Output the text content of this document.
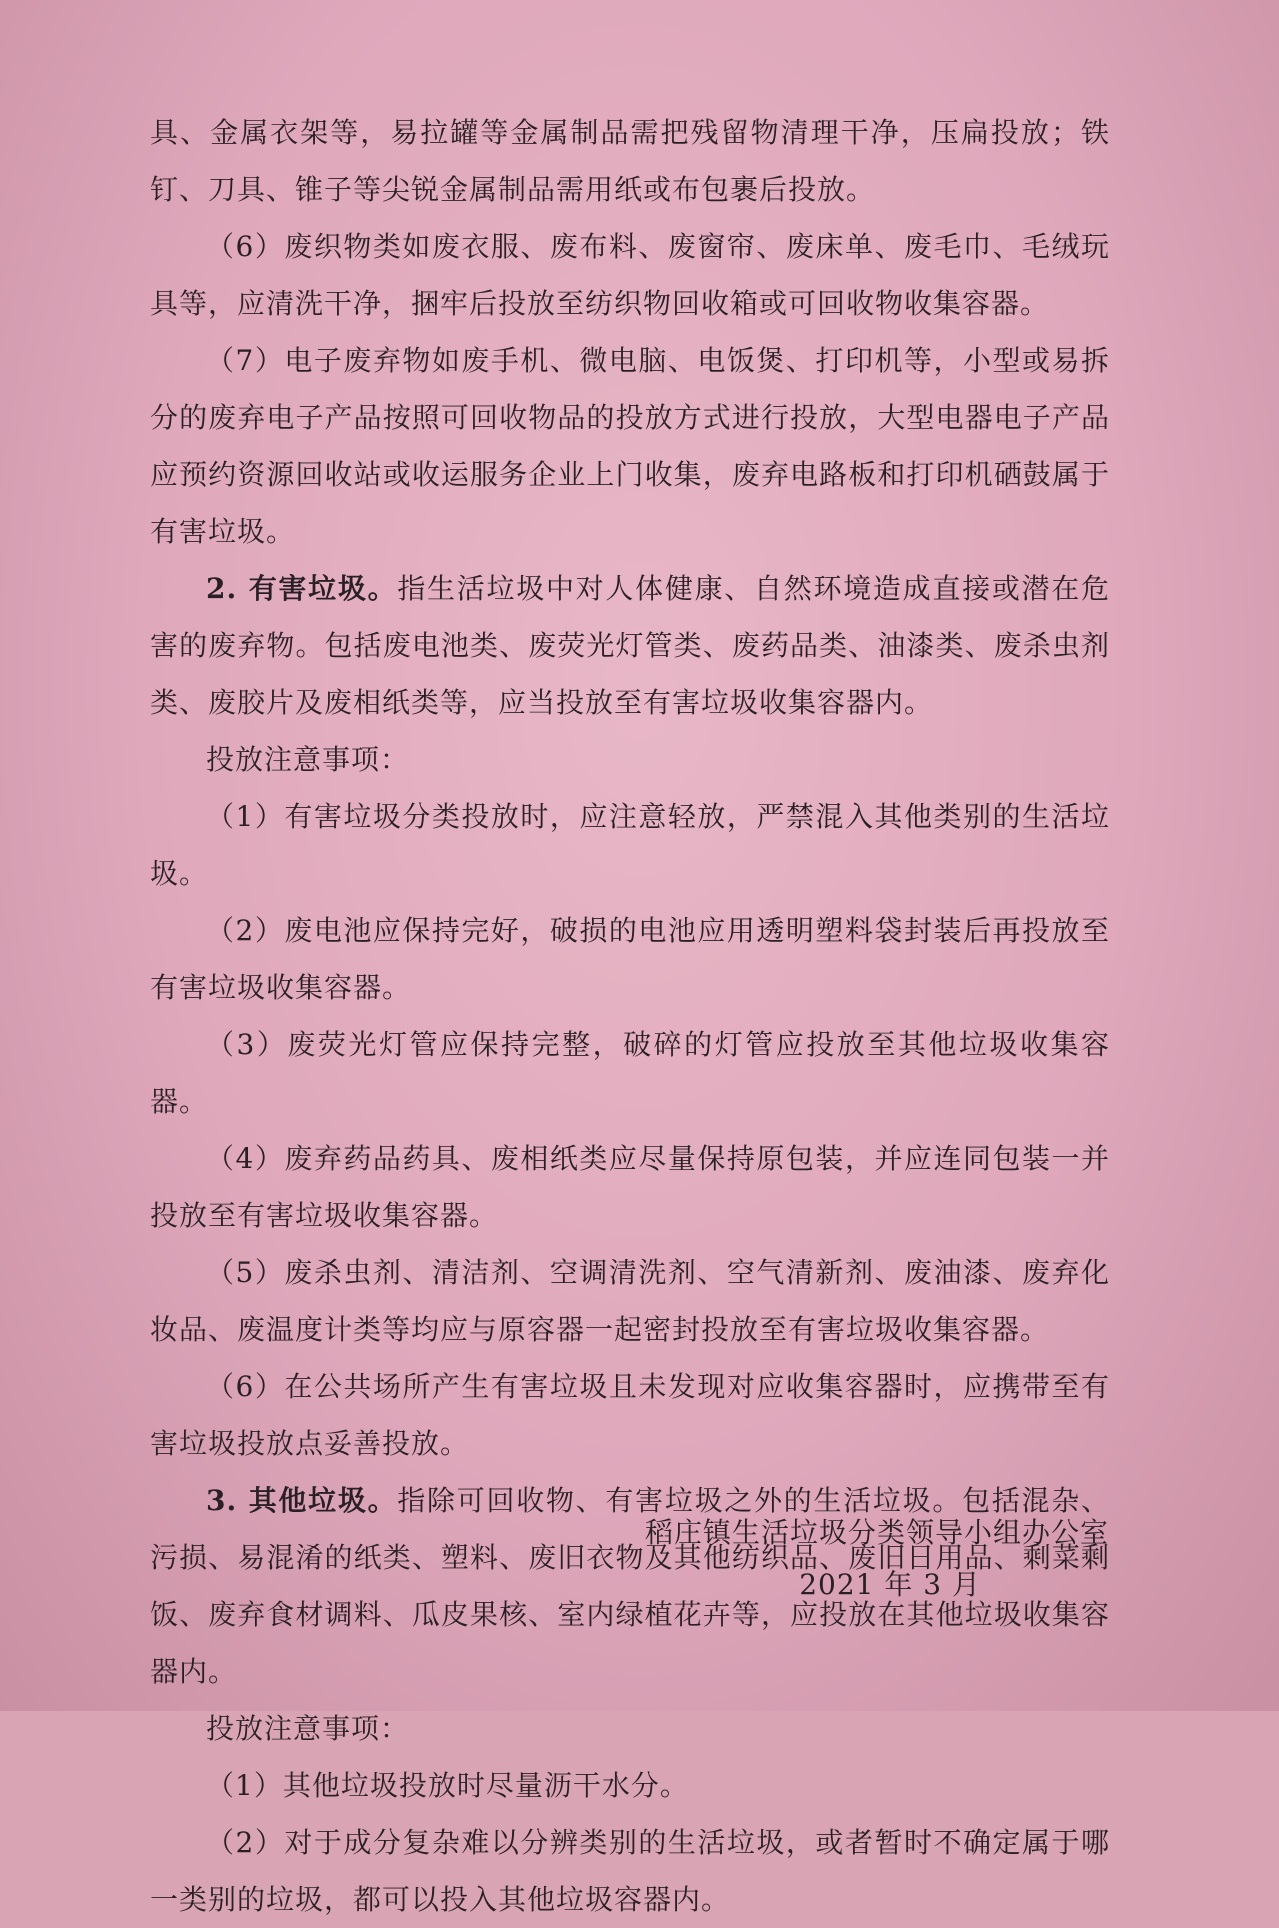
具、金属衣架等，易拉罐等金属制品需把残留物清理干净，压扁投放；铁钉、刀具、锥子等尖锐金属制品需用纸或布包裹后投放。

（6）废织物类如废衣服、废布料、废窗帘、废床单、废毛巾、毛绒玩具等，应清洗干净，捆牢后投放至纺织物回收箱或可回收物收集容器。

（7）电子废弃物如废手机、微电脑、电饭煲、打印机等，小型或易拆分的废弃电子产品按照可回收物品的投放方式进行投放，大型电器电子产品应预约资源回收站或收运服务企业上门收集，废弃电路板和打印机硒鼓属于有害垃圾。

2. 有害垃圾。指生活垃圾中对人体健康、自然环境造成直接或潜在危害的废弃物。包括废电池类、废荧光灯管类、废药品类、油漆类、废杀虫剂类、废胶片及废相纸类等，应当投放至有害垃圾收集容器内。

投放注意事项：

（1）有害垃圾分类投放时，应注意轻放，严禁混入其他类别的生活垃圾。

（2）废电池应保持完好，破损的电池应用透明塑料袋封装后再投放至有害垃圾收集容器。

（3）废荧光灯管应保持完整，破碎的灯管应投放至其他垃圾收集容器。

（4）废弃药品药具、废相纸类应尽量保持原包装，并应连同包装一并投放至有害垃圾收集容器。

（5）废杀虫剂、清洁剂、空调清洗剂、空气清新剂、废油漆、废弃化妆品、废温度计类等均应与原容器一起密封投放至有害垃圾收集容器。

（6）在公共场所产生有害垃圾且未发现对应收集容器时，应携带至有害垃圾投放点妥善投放。

3. 其他垃圾。指除可回收物、有害垃圾之外的生活垃圾。包括混杂、污损、易混淆的纸类、塑料、废旧衣物及其他纺织品、废旧日用品、剩菜剩饭、废弃食材调料、瓜皮果核、室内绿植花卉等，应投放在其他垃圾收集容器内。

投放注意事项：

（1）其他垃圾投放时尽量沥干水分。

（2）对于成分复杂难以分辨类别的生活垃圾，或者暂时不确定属于哪一类别的垃圾，都可以投入其他垃圾容器内。

稻庄镇生活垃圾分类领导小组办公室
2021 年 3 月
